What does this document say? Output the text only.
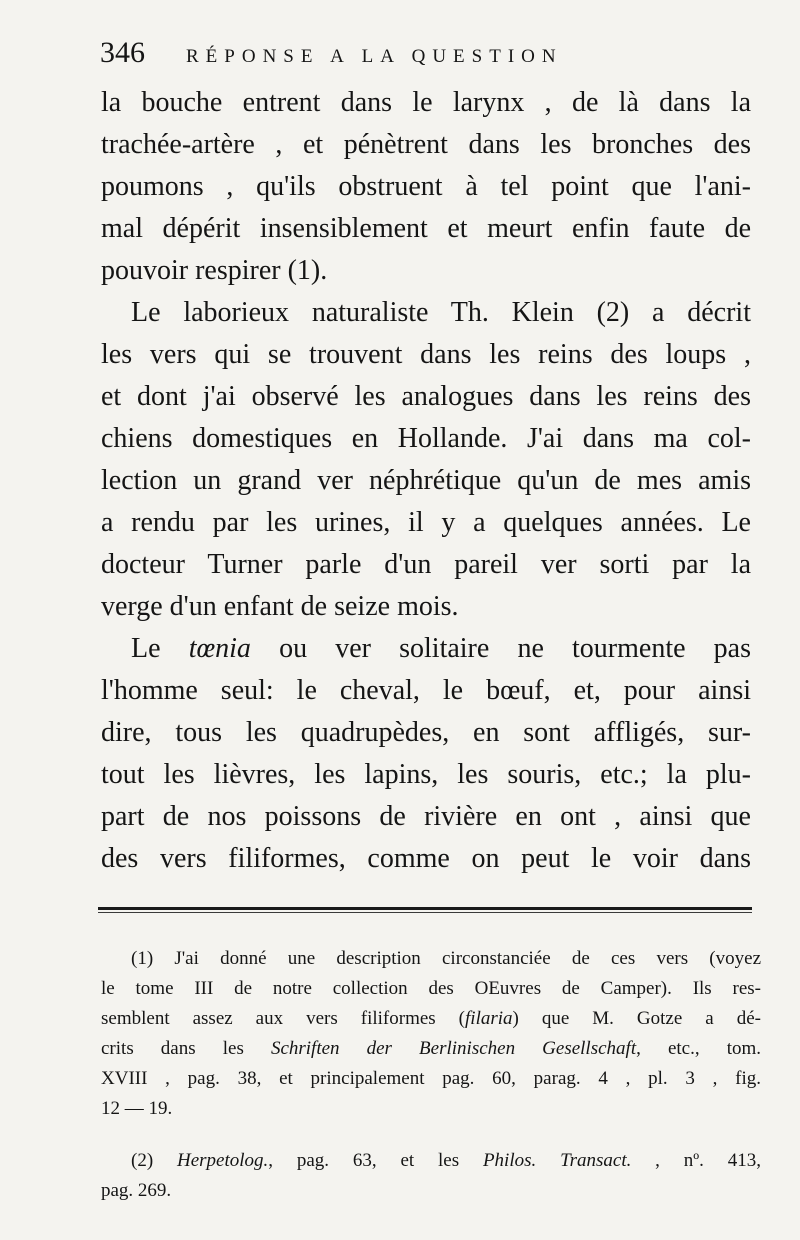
346 RÉPONSE A LA QUESTION
la bouche entrent dans le larynx , de là dans la
trachée-artère , et pénètrent dans les bronches des
poumons , qu'ils obstruent à tel point que l'ani-
mal dépérit insensiblement et meurt enfin faute de
pouvoir respirer (1).
Le laborieux naturaliste Th. Klein (2) a décrit
les vers qui se trouvent dans les reins des loups ,
et dont j'ai observé les analogues dans les reins des
chiens domestiques en Hollande. J'ai dans ma col-
lection un grand ver néphrétique qu'un de mes amis
a rendu par les urines, il y a quelques années. Le
docteur Turner parle d'un pareil ver sorti par la
verge d'un enfant de seize mois.
Le tœnia ou ver solitaire ne tourmente pas
l'homme seul: le cheval, le bœuf, et, pour ainsi
dire, tous les quadrupèdes, en sont affligés, sur-
tout les lièvres, les lapins, les souris, etc.; la plu-
part de nos poissons de rivière en ont , ainsi que
des vers filiformes, comme on peut le voir dans
(1) J'ai donné une description circonstanciée de ces vers (voyez
le tome III de notre collection des OEuvres de Camper). Ils res-
semblent assez aux vers filiformes (filaria) que M. Gotze a dé-
crits dans les Schriften der Berlinischen Gesellschaft, etc., tom.
XVIII , pag. 38, et principalement pag. 60, parag. 4 , pl. 3 , fig.
12 — 19.
(2) Herpetolog., pag. 63, et les Philos. Transact. , nº. 413,
pag. 269.
